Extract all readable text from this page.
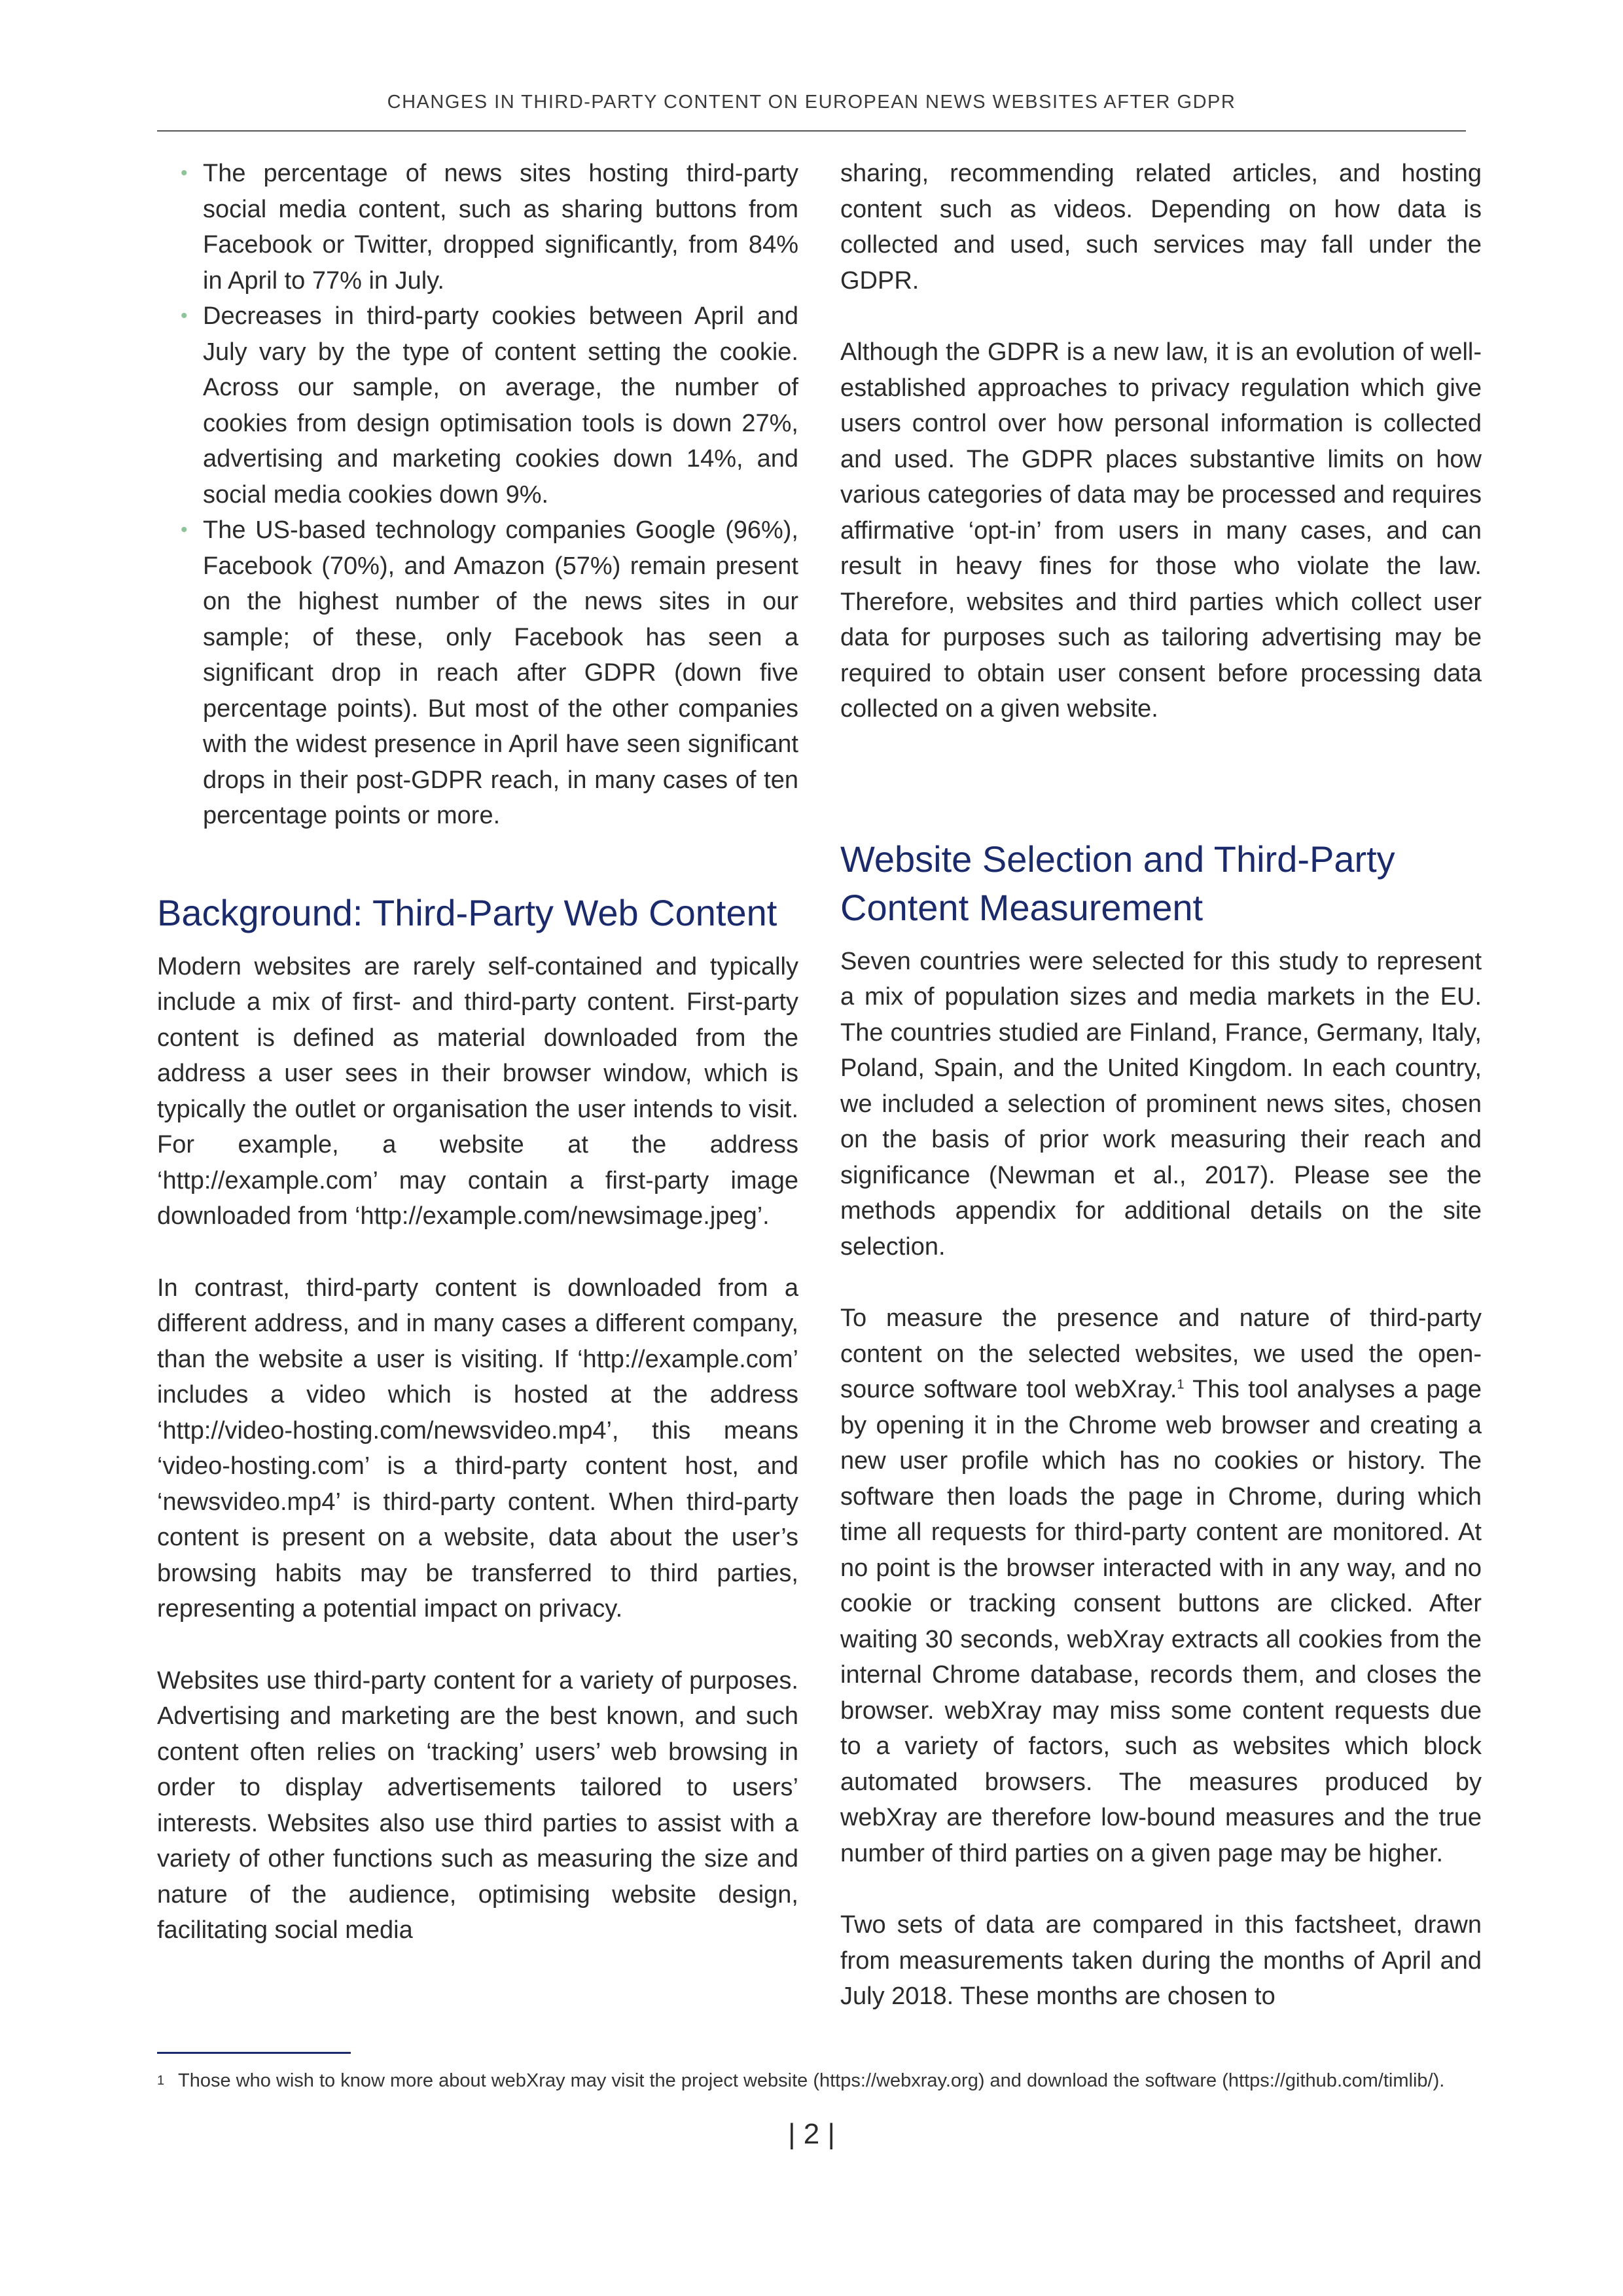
CHANGES IN THIRD-PARTY CONTENT ON EUROPEAN NEWS WEBSITES AFTER GDPR
• The percentage of news sites hosting third-party social media content, such as sharing buttons from Facebook or Twitter, dropped significantly, from 84% in April to 77% in July.
• Decreases in third-party cookies between April and July vary by the type of content setting the cookie. Across our sample, on average, the number of cookies from design optimisation tools is down 27%, advertising and marketing cookies down 14%, and social media cookies down 9%.
• The US-based technology companies Google (96%), Facebook (70%), and Amazon (57%) remain present on the highest number of the news sites in our sample; of these, only Facebook has seen a significant drop in reach after GDPR (down five percentage points). But most of the other companies with the widest presence in April have seen significant drops in their post-GDPR reach, in many cases of ten percentage points or more.
Background: Third-Party Web Content

Modern websites are rarely self-contained and typically include a mix of first- and third-party content. First-party content is defined as material downloaded from the address a user sees in their browser window, which is typically the outlet or organisation the user intends to visit. For example, a website at the address ‘http://example.com’ may contain a first-party image downloaded from ‘http://example.com/newsimage.jpeg’.

In contrast, third-party content is downloaded from a different address, and in many cases a different company, than the website a user is visiting. If ‘http://example.com’ includes a video which is hosted at the address ‘http://video-hosting.com/newsvideo.mp4’, this means ‘video-hosting.com’ is a third-party content host, and ‘newsvideo.mp4’ is third-party content. When third-party content is present on a website, data about the user’s browsing habits may be transferred to third parties, representing a potential impact on privacy.

Websites use third-party content for a variety of purposes. Advertising and marketing are the best known, and such content often relies on ‘tracking’ users’ web browsing in order to display advertisements tailored to users’ interests. Websites also use third parties to assist with a variety of other functions such as measuring the size and nature of the audience, optimising website design, facilitating social media

sharing, recommending related articles, and hosting content such as videos. Depending on how data is collected and used, such services may fall under the GDPR.

Although the GDPR is a new law, it is an evolution of well-established approaches to privacy regulation which give users control over how personal information is collected and used. The GDPR places substantive limits on how various categories of data may be processed and requires affirmative ‘opt-in’ from users in many cases, and can result in heavy fines for those who violate the law. Therefore, websites and third parties which collect user data for purposes such as tailoring advertising may be required to obtain user consent before processing data collected on a given website.

Website Selection and Third-Party Content Measurement

Seven countries were selected for this study to represent a mix of population sizes and media markets in the EU. The countries studied are Finland, France, Germany, Italy, Poland, Spain, and the United Kingdom. In each country, we included a selection of prominent news sites, chosen on the basis of prior work measuring their reach and significance (Newman et al., 2017). Please see the methods appendix for additional details on the site selection.

To measure the presence and nature of third-party content on the selected websites, we used the open-source software tool webXray.$^1$ This tool analyses a page by opening it in the Chrome web browser and creating a new user profile which has no cookies or history. The software then loads the page in Chrome, during which time all requests for third-party content are monitored. At no point is the browser interacted with in any way, and no cookie or tracking consent buttons are clicked. After waiting 30 seconds, webXray extracts all cookies from the internal Chrome database, records them, and closes the browser. webXray may miss some content requests due to a variety of factors, such as websites which block automated browsers. The measures produced by webXray are therefore low-bound measures and the true number of third parties on a given page may be higher.

Two sets of data are compared in this factsheet, drawn from measurements taken during the months of April and July 2018. These months are chosen to

1 Those who wish to know more about webXray may visit the project website (https://webxray.org) and download the software (https://github.com/timlib/).
| 2 |
